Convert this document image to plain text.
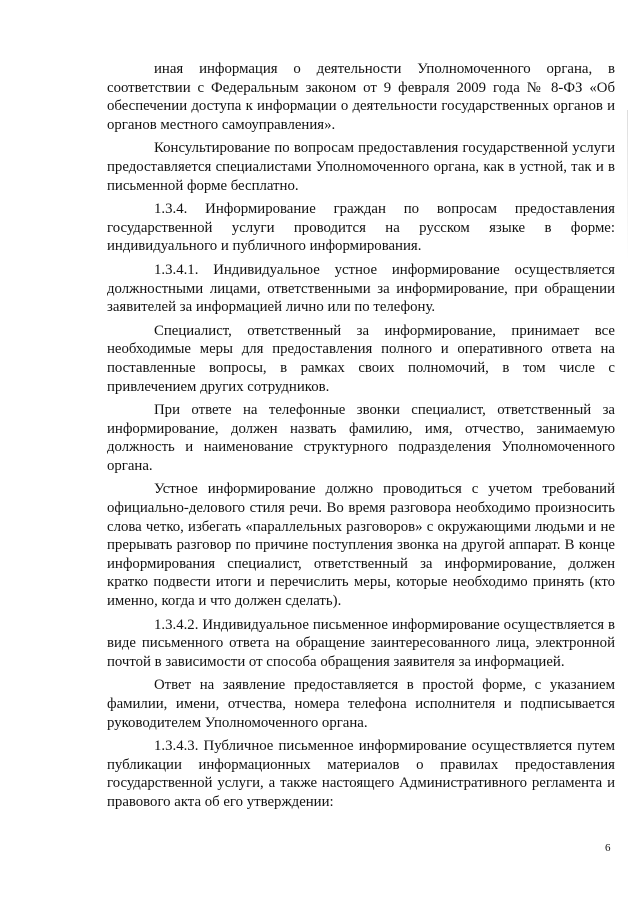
иная информация о деятельности Уполномоченного органа, в соответствии с Федеральным законом от 9 февраля 2009 года № 8-ФЗ «Об обеспечении доступа к информации о деятельности государственных органов и органов местного самоуправления».

Консультирование по вопросам предоставления государственной услуги предоставляется специалистами Уполномоченного органа, как в устной, так и в письменной форме бесплатно.

1.3.4. Информирование граждан по вопросам предоставления государственной услуги проводится на русском языке в форме: индивидуального и публичного информирования.

1.3.4.1. Индивидуальное устное информирование осуществляется должностными лицами, ответственными за информирование, при обращении заявителей за информацией лично или по телефону.

Специалист, ответственный за информирование, принимает все необходимые меры для предоставления полного и оперативного ответа на поставленные вопросы, в рамках своих полномочий, в том числе с привлечением других сотрудников.

При ответе на телефонные звонки специалист, ответственный за информирование, должен назвать фамилию, имя, отчество, занимаемую должность и наименование структурного подразделения Уполномоченного органа.

Устное информирование должно проводиться с учетом требований официально-делового стиля речи. Во время разговора необходимо произносить слова четко, избегать «параллельных разговоров» с окружающими людьми и не прерывать разговор по причине поступления звонка на другой аппарат. В конце информирования специалист, ответственный за информирование, должен кратко подвести итоги и перечислить меры, которые необходимо принять (кто именно, когда и что должен сделать).

1.3.4.2. Индивидуальное письменное информирование осуществляется в виде письменного ответа на обращение заинтересованного лица, электронной почтой в зависимости от способа обращения заявителя за информацией.

Ответ на заявление предоставляется в простой форме, с указанием фамилии, имени, отчества, номера телефона исполнителя и подписывается руководителем Уполномоченного органа.

1.3.4.3. Публичное письменное информирование осуществляется путем публикации информационных материалов о правилах предоставления государственной услуги, а также настоящего Административного регламента и правового акта об его утверждении:

6
